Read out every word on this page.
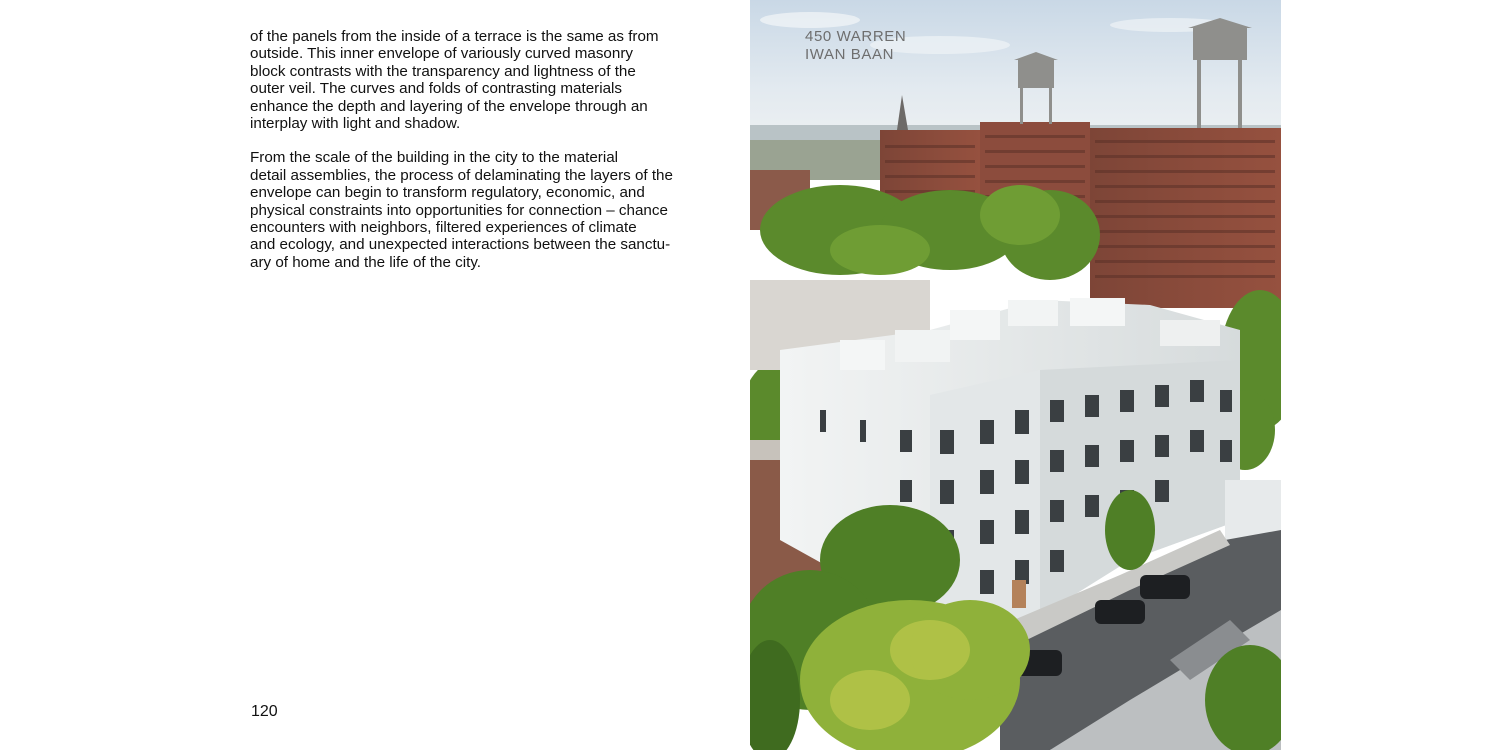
of the panels from the inside of a terrace is the same as from
outside. This inner envelope of variously curved masonry
block contrasts with the transparency and lightness of the
outer veil. The curves and folds of contrasting materials
enhance the depth and layering of the envelope through an
interplay with light and shadow.

From the scale of the building in the city to the material
detail assemblies, the process of delaminating the layers of the
envelope can begin to transform regulatory, economic, and
physical constraints into opportunities for connection – chance
encounters with neighbors, filtered experiences of climate
and ecology, and unexpected interactions between the sanctu-
ary of home and the life of the city.

120
450 WARREN
IWAN BAAN
